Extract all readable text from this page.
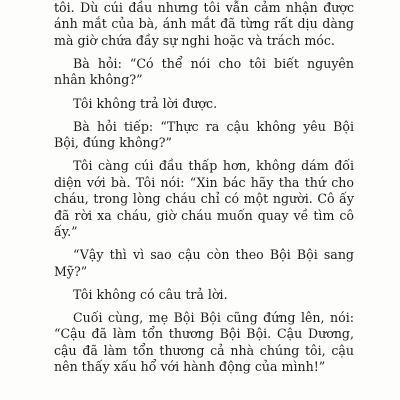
tôi. Dù cúi đầu nhưng tôi vẫn cảm nhận được ánh mắt của bà, ánh mắt đã từng rất dịu dàng mà giờ chứa đầy sự nghi hoặc và trách móc.

Bà hỏi: “Có thể nói cho tôi biết nguyên nhân không?”

Tôi không trả lời được.

Bà hỏi tiếp: “Thực ra cậu không yêu Bội Bội, đúng không?”

Tôi càng cúi đầu thấp hơn, không dám đối diện với bà. Tôi nói: “Xin bác hãy tha thứ cho cháu, trong lòng cháu chỉ có một người. Cô ấy đã rời xa cháu, giờ cháu muốn quay về tìm cô ấy.”

“Vậy thì vì sao cậu còn theo Bội Bội sang Mỹ?”

Tôi không có câu trả lời.

Cuối cùng, mẹ Bội Bội cũng đứng lên, nói: “Cậu đã làm tổn thương Bội Bội. Cậu Dương, cậu đã làm tổn thương cả nhà chúng tôi, cậu nên thấy xấu hổ với hành động của mình!”
